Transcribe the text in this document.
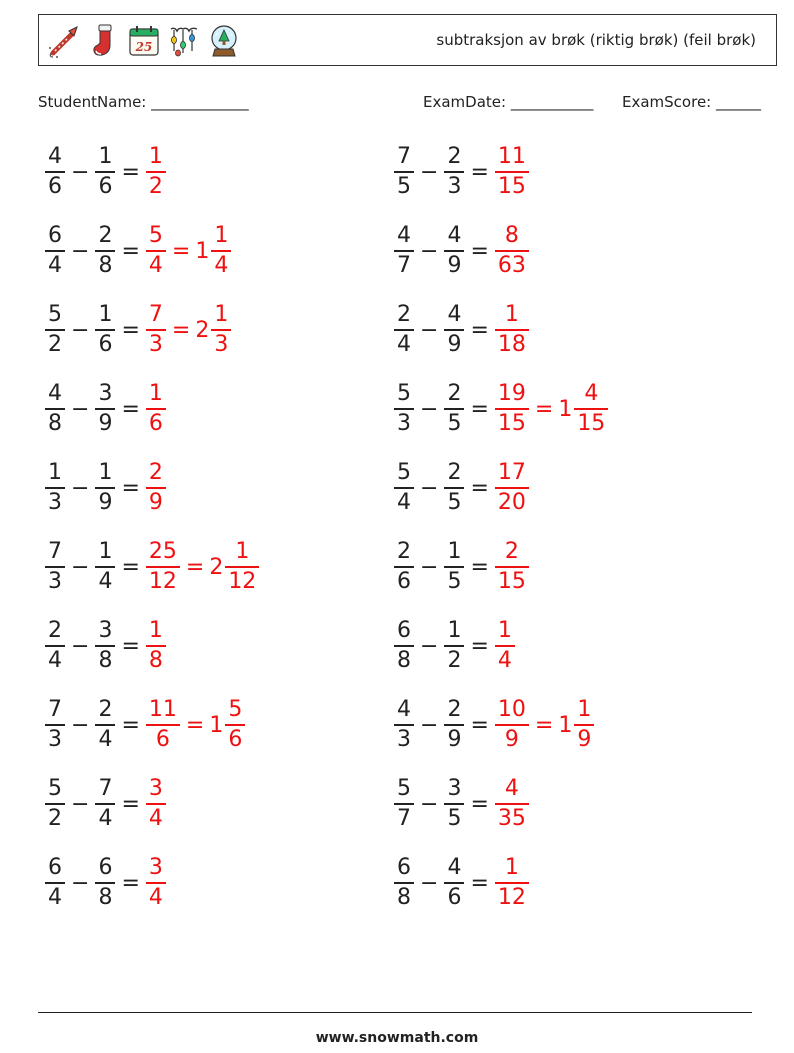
25	subtraksjon av brøk (riktig brøk) (feil brøk)
StudentName: _____________	ExamDate: ___________ ExamScore: ______
$\frac{4}{6} - \frac{1}{6} = \frac{1}{2}$	$\frac{7}{5} - \frac{2}{3} = \frac{11}{15}$
$\frac{6}{4} - \frac{2}{8} = \frac{5}{4} = 1 \frac{1}{4}$	$\frac{4}{7} - \frac{4}{9} = \frac{8}{63}$
$\frac{5}{2} - \frac{1}{6} = \frac{7}{3} = 2 \frac{1}{3}$	$\frac{2}{4} - \frac{4}{9} = \frac{1}{18}$
$\frac{4}{8} - \frac{3}{9} = \frac{1}{6}$	$\frac{5}{3} - \frac{2}{5} = \frac{19}{15} = 1 \frac{4}{15}$
$\frac{1}{3} - \frac{1}{9} = \frac{2}{9}$	$\frac{5}{4} - \frac{2}{5} = \frac{17}{20}$
$\frac{7}{3} - \frac{1}{4} = \frac{25}{12} = 2 \frac{1}{12}$	$\frac{2}{6} - \frac{1}{5} = \frac{2}{15}$
$\frac{2}{4} - \frac{3}{8} = \frac{1}{8}$	$\frac{6}{8} - \frac{1}{2} = \frac{1}{4}$
$\frac{7}{3} - \frac{2}{4} = \frac{11}{6} = 1 \frac{5}{6}$	$\frac{4}{3} - \frac{2}{9} = \frac{10}{9} = 1 \frac{1}{9}$
$\frac{5}{2} - \frac{7}{4} = \frac{3}{4}$	$\frac{5}{7} - \frac{3}{5} = \frac{4}{35}$
$\frac{6}{4} - \frac{6}{8} = \frac{3}{4}$	$\frac{6}{8} - \frac{4}{6} = \frac{1}{12}$
www.snowmath.com
